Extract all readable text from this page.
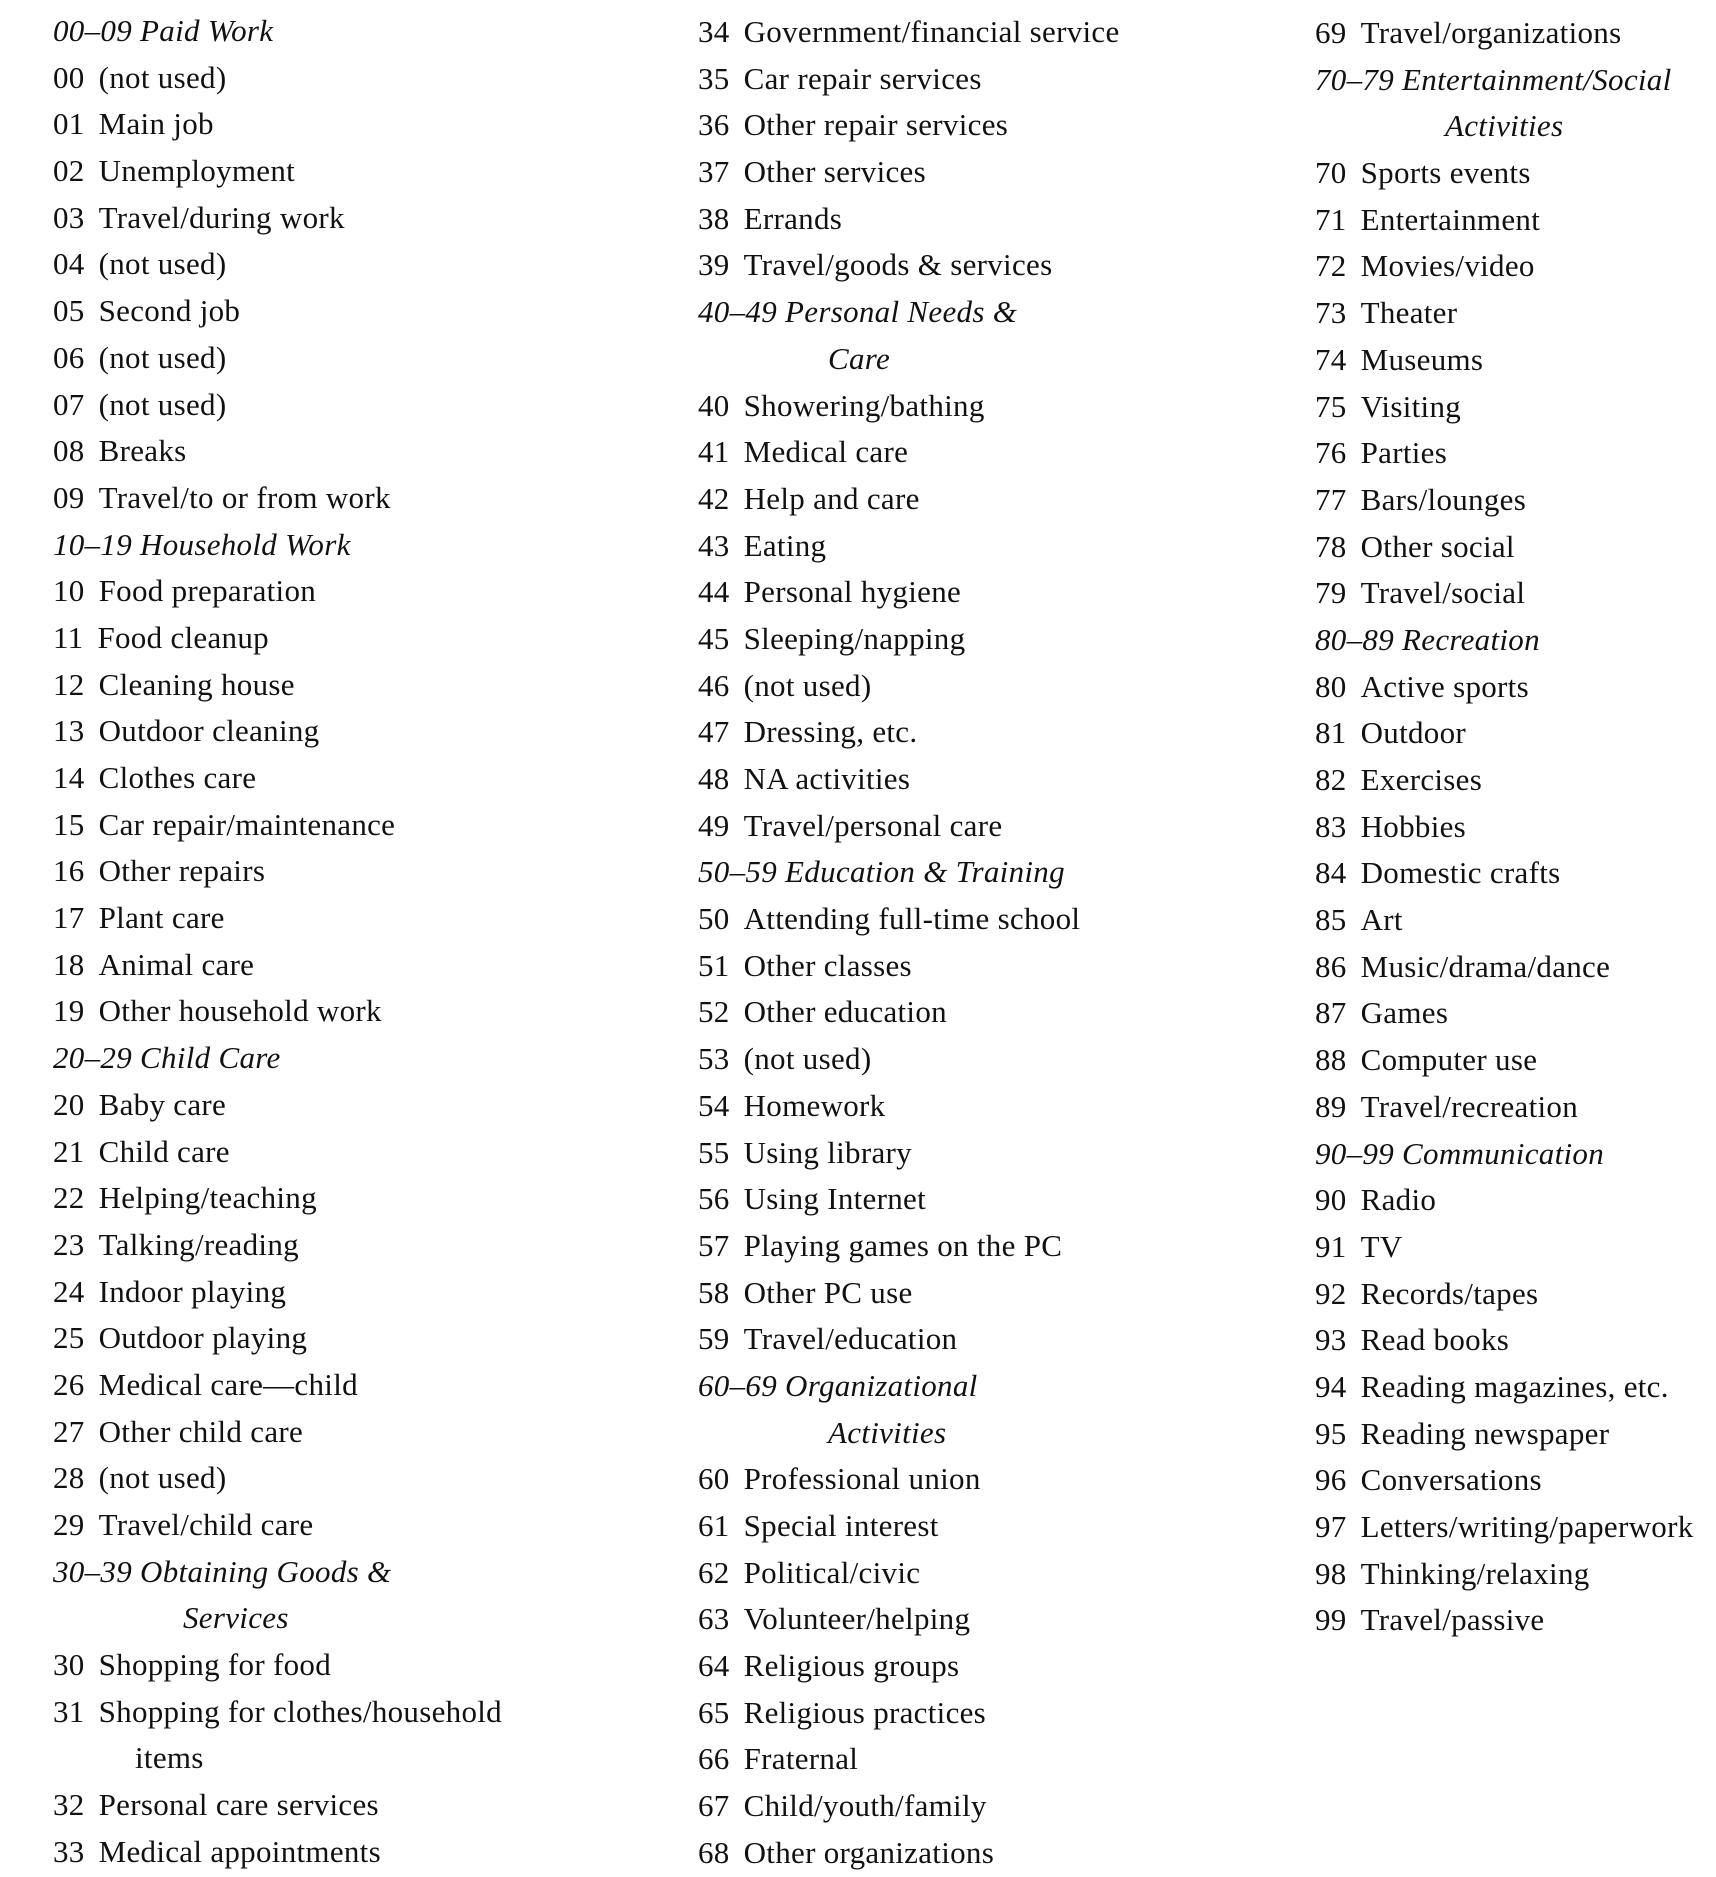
00–09 Paid Work
00 (not used)
01 Main job
02 Unemployment
03 Travel/during work
04 (not used)
05 Second job
06 (not used)
07 (not used)
08 Breaks
09 Travel/to or from work
10–19 Household Work
10 Food preparation
11 Food cleanup
12 Cleaning house
13 Outdoor cleaning
14 Clothes care
15 Car repair/maintenance
16 Other repairs
17 Plant care
18 Animal care
19 Other household work
20–29 Child Care
20 Baby care
21 Child care
22 Helping/teaching
23 Talking/reading
24 Indoor playing
25 Outdoor playing
26 Medical care—child
27 Other child care
28 (not used)
29 Travel/child care
30–39 Obtaining Goods &
Services
30 Shopping for food
31 Shopping for clothes/household
items
32 Personal care services
33 Medical appointments
34 Government/financial service
35 Car repair services
36 Other repair services
37 Other services
38 Errands
39 Travel/goods & services
40–49 Personal Needs &
Care
40 Showering/bathing
41 Medical care
42 Help and care
43 Eating
44 Personal hygiene
45 Sleeping/napping
46 (not used)
47 Dressing, etc.
48 NA activities
49 Travel/personal care
50–59 Education & Training
50 Attending full-time school
51 Other classes
52 Other education
53 (not used)
54 Homework
55 Using library
56 Using Internet
57 Playing games on the PC
58 Other PC use
59 Travel/education
60–69 Organizational
Activities
60 Professional union
61 Special interest
62 Political/civic
63 Volunteer/helping
64 Religious groups
65 Religious practices
66 Fraternal
67 Child/youth/family
68 Other organizations
69 Travel/organizations
70–79 Entertainment/Social
Activities
70 Sports events
71 Entertainment
72 Movies/video
73 Theater
74 Museums
75 Visiting
76 Parties
77 Bars/lounges
78 Other social
79 Travel/social
80–89 Recreation
80 Active sports
81 Outdoor
82 Exercises
83 Hobbies
84 Domestic crafts
85 Art
86 Music/drama/dance
87 Games
88 Computer use
89 Travel/recreation
90–99 Communication
90 Radio
91 TV
92 Records/tapes
93 Read books
94 Reading magazines, etc.
95 Reading newspaper
96 Conversations
97 Letters/writing/paperwork
98 Thinking/relaxing
99 Travel/passive
